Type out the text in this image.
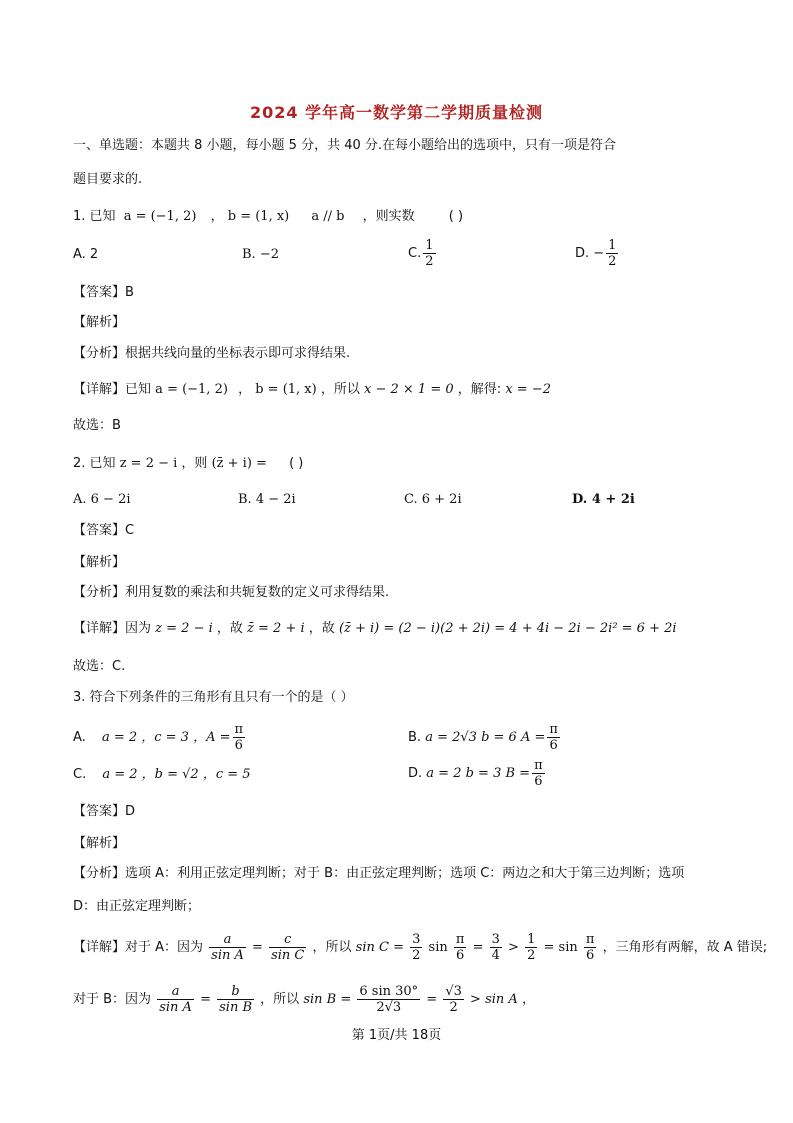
2024 学年高一数学第二学期质量检测
一、单选题：本题共 8 小题，每小题 5 分，共 40 分.在每小题给出的选项中，只有一项是符合
题目要求的.
1. 已知 a = (−1, 2) ， b = (1, x) a // b ，则实数	( )
A. 2	B. −2	C. $\frac{1}{2}$	D. − $\frac{1}{2}$
【答案】B
【解析】
【分析】根据共线向量的坐标表示即可求得结果.
【详解】已知 a = (−1, 2) ， b = (1, x) ，所以 x − 2 × 1 = 0 ，解得: x = −2
故选：B
2. 已知 z = 2 − i ，则 (z̄ + i) = ( )
A. 6 − 2i	B. 4 − 2i	C. 6 + 2i	D. 4 + 2i
【答案】C
【解析】
【分析】利用复数的乘法和共轭复数的定义可求得结果.
【详解】因为 z = 2 − i ，故 z̄ = 2 + i ，故 (z̄ + i) = (2 − i)(2 + 2i) = 4 + 4i − 2i − 2i² = 6 + 2i
故选：C.
3. 符合下列条件的三角形有且只有一个的是（ ）
A. a = 2 ，c = 3 ，$A = \frac{\pi}{6}$	B. a = 2√3 b = 6 $A = \frac{\pi}{6}$
C. a = 2 ，b = √2 ，c = 5	D. a = 2 b = 3 $B = \frac{\pi}{6}$
【答案】D
【解析】
【分析】选项 A：利用正弦定理判断；对于 B：由正弦定理判断；选项 C：两边之和大于第三边判断；选项
D：由正弦定理判断；
【详解】对于 A：因为 $\frac{a}{\text{sin A}} = \frac{c}{\text{sin C}}$ ，所以 $\sin C = \frac{3}{2}$ $\sin \frac{\pi}{6} = \frac{3}{4} > \frac{1}{2} = \sin \frac{\pi}{6}$ ，三角形有两解，故 A 错误;
对于 B：因为 $\frac{a}{\text{sin A}} = \frac{b}{\text{sin B}}$ ，所以 $\sin B = \frac{6 \sin 30^\circ}{2√3} = \frac{√3}{2} > \sin A$ ，
第 1页/共 18页
